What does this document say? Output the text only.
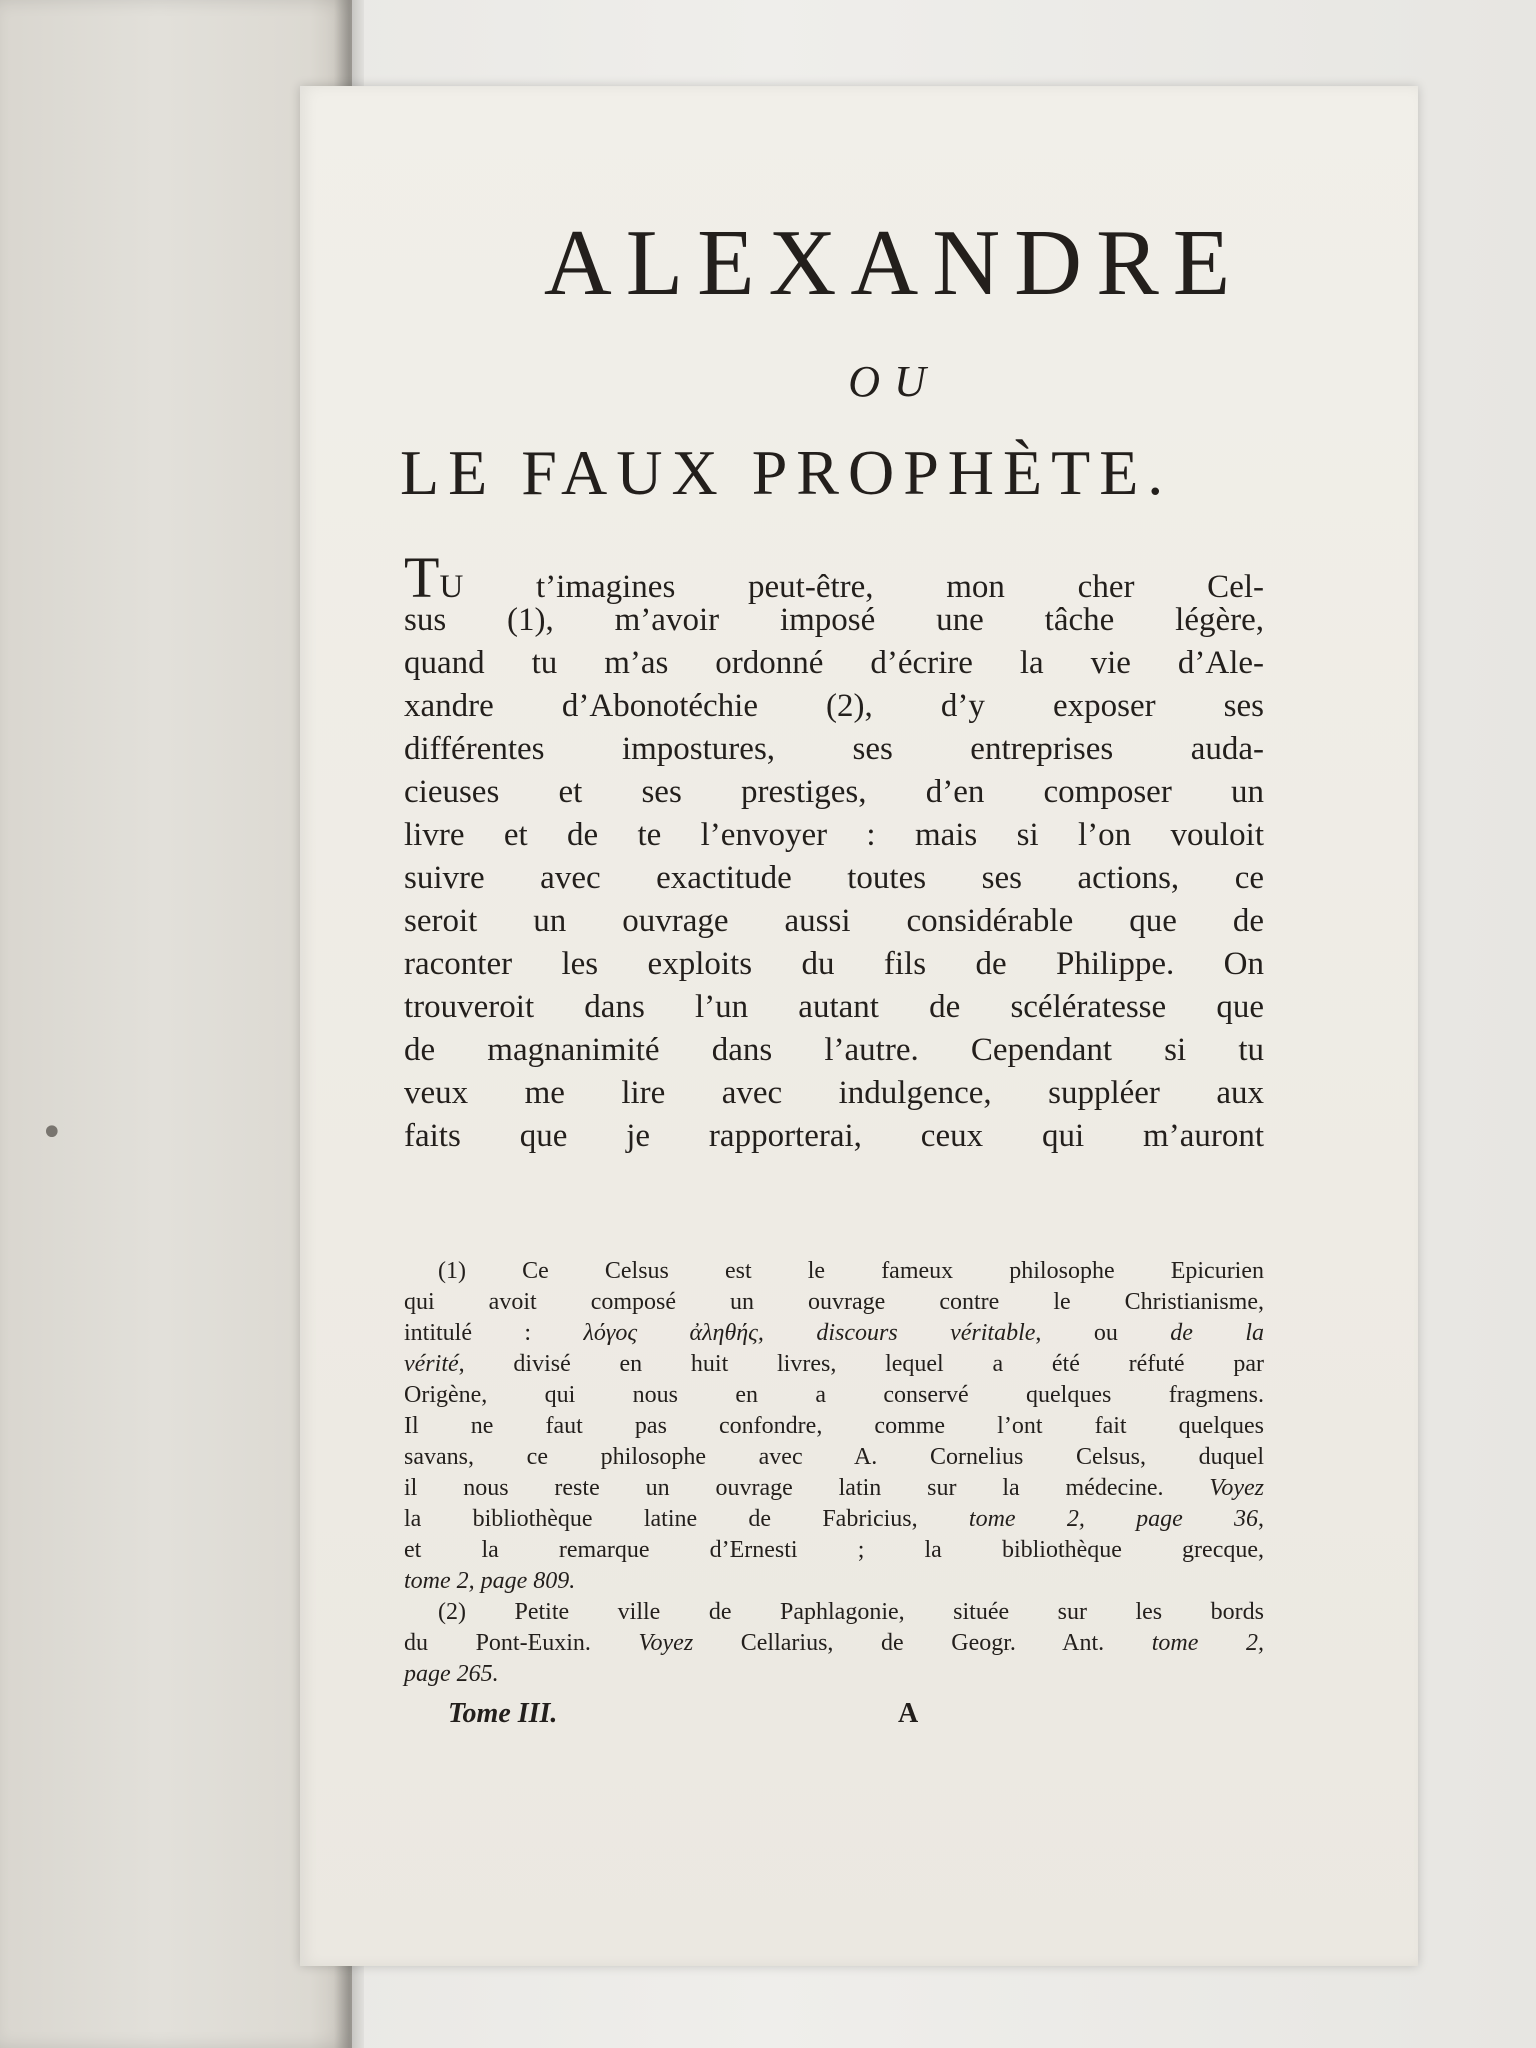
•
ALEXANDRE
OU
LE FAUX PROPHÈTE.
TU t’imagines peut-être, mon cher Cel-
sus (1), m’avoir imposé une tâche légère,
quand tu m’as ordonné d’écrire la vie d’Ale-
xandre d’Abonotéchie (2), d’y exposer ses
différentes impostures, ses entreprises auda-
cieuses et ses prestiges, d’en composer un
livre et de te l’envoyer : mais si l’on vouloit
suivre avec exactitude toutes ses actions, ce
seroit un ouvrage aussi considérable que de
raconter les exploits du fils de Philippe. On
trouveroit dans l’un autant de scélératesse que
de magnanimité dans l’autre. Cependant si tu
veux me lire avec indulgence, suppléer aux
faits que je rapporterai, ceux qui m’auront
(1) Ce Celsus est le fameux philosophe Epicurien
qui avoit composé un ouvrage contre le Christianisme,
intitulé : λόγος ἀληθής, discours véritable, ou de la
vérité, divisé en huit livres, lequel a été réfuté par
Origène, qui nous en a conservé quelques fragmens.
Il ne faut pas confondre, comme l’ont fait quelques
savans, ce philosophe avec A. Cornelius Celsus, duquel
il nous reste un ouvrage latin sur la médecine. Voyez
la bibliothèque latine de Fabricius, tome 2, page 36,
et la remarque d’Ernesti ; la bibliothèque grecque,
tome 2, page 809.
(2) Petite ville de Paphlagonie, située sur les bords
du Pont-Euxin. Voyez Cellarius, de Geogr. Ant. tome 2,
page 265.
Tome III.	A
